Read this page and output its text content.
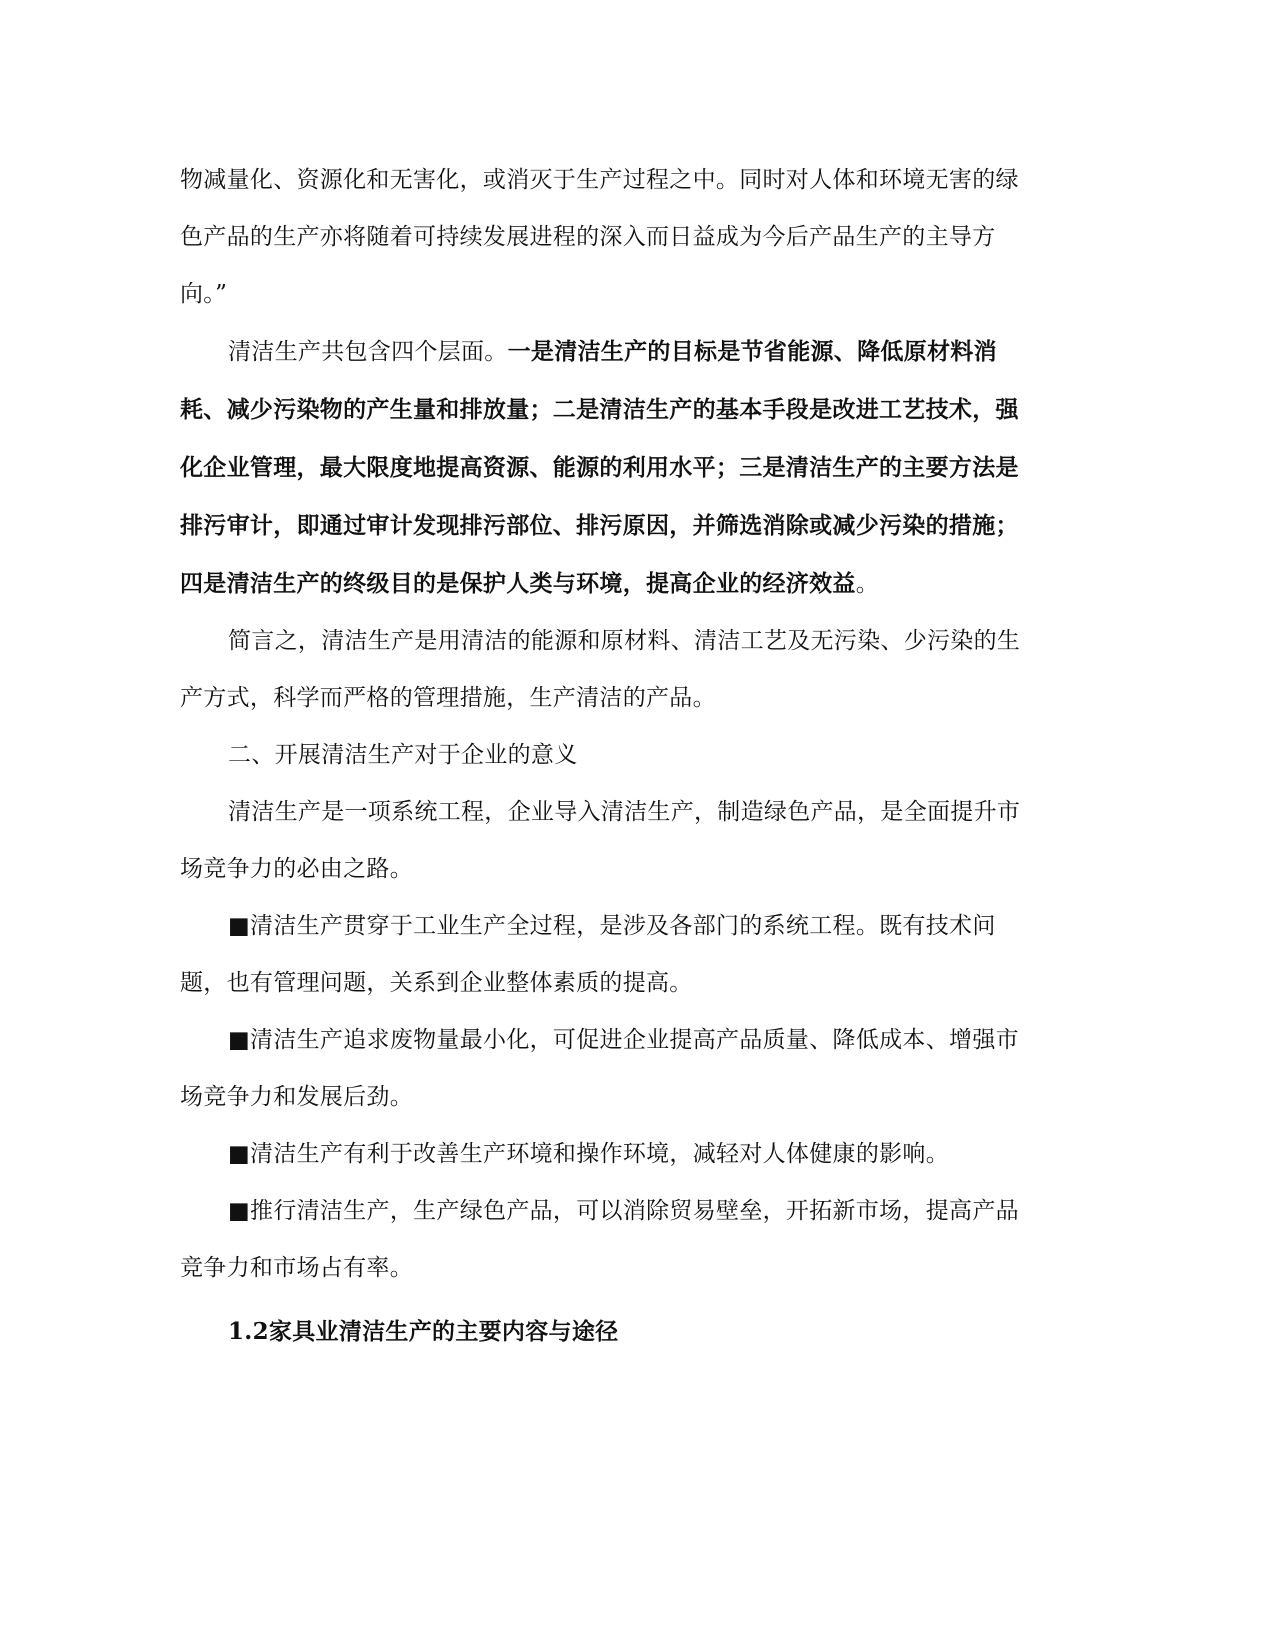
物减量化、资源化和无害化，或消灭于生产过程之中。同时对人体和环境无害的绿色产品的生产亦将随着可持续发展进程的深入而日益成为今后产品生产的主导方向。”

清洁生产共包含四个层面。一是清洁生产的目标是节省能源、降低原材料消耗、减少污染物的产生量和排放量；二是清洁生产的基本手段是改进工艺技术，强化企业管理，最大限度地提高资源、能源的利用水平；三是清洁生产的主要方法是排污审计，即通过审计发现排污部位、排污原因，并筛选消除或减少污染的措施；四是清洁生产的终级目的是保护人类与环境，提高企业的经济效益。

简言之，清洁生产是用清洁的能源和原材料、清洁工艺及无污染、少污染的生产方式，科学而严格的管理措施，生产清洁的产品。

二、开展清洁生产对于企业的意义

清洁生产是一项系统工程，企业导入清洁生产，制造绿色产品，是全面提升市场竞争力的必由之路。

■清洁生产贯穿于工业生产全过程，是涉及各部门的系统工程。既有技术问题，也有管理问题，关系到企业整体素质的提高。

■清洁生产追求废物量最小化，可促进企业提高产品质量、降低成本、增强市场竞争力和发展后劲。

■清洁生产有利于改善生产环境和操作环境，减轻对人体健康的影响。

■推行清洁生产，生产绿色产品，可以消除贸易壁垒，开拓新市场，提高产品竞争力和市场占有率。

1.2家具业清洁生产的主要内容与途径
